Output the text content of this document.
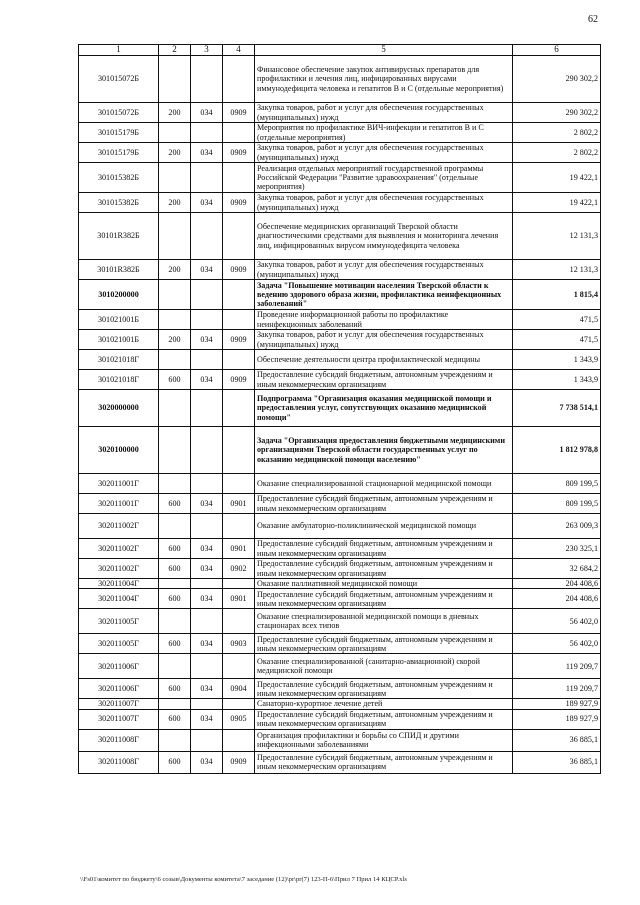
62
1	2	3	4	5	6
301015072Б				Финансовое обеспечение закупок антивирусных препаратов для профилактики и лечения лиц, инфицированных вирусами иммунодефицита человека и гепатитов В и С (отдельные мероприятия)	290 302,2
301015072Б	200	034	0909	Закупка товаров, работ и услуг для обеспечения государственных (муниципальных) нужд	290 302,2
301015179Б				Мероприятия по профилактике ВИЧ-инфекции и гепатитов В и С (отдельные мероприятия)	2 802,2
301015179Б	200	034	0909	Закупка товаров, работ и услуг для обеспечения государственных (муниципальных) нужд	2 802,2
301015382Б				Реализация отдельных мероприятий государственной программы Российской Федерации "Развитие здравоохранения" (отдельные мероприятия)	19 422,1
301015382Б	200	034	0909	Закупка товаров, работ и услуг для обеспечения государственных (муниципальных) нужд	19 422,1
30101R382Б				Обеспечение медицинских организаций Тверской области диагностическими средствами для выявления и мониторинга лечения лиц, инфицированных вирусом иммунодефицита человека	12 131,3
30101R382Б	200	034	0909	Закупка товаров, работ и услуг для обеспечения государственных (муниципальных) нужд	12 131,3
3010200000				Задача "Повышение мотивации населения Тверской области к ведению здорового образа жизни, профилактика неинфекционных заболеваний"	1 815,4
301021001Б				Проведение информационной работы по профилактике неинфекционных заболеваний	471,5
301021001Б	200	034	0909	Закупка товаров, работ и услуг для обеспечения государственных (муниципальных) нужд	471,5
301021018Г				Обеспечение деятельности центра профилактической медицины	1 343,9
301021018Г	600	034	0909	Предоставление субсидий бюджетным, автономным учреждениям и иным некоммерческим организациям	1 343,9
3020000000				Подпрограмма "Организация оказания медицинской помощи и предоставления услуг, сопутствующих оказанию медицинской помощи"	7 738 514,1
3020100000				Задача "Организация предоставления бюджетными медицинскими организациями Тверской области государственных услуг по оказанию медицинской помощи населению"	1 812 978,8
302011001Г				Оказание специализированной стационарной медицинской помощи	809 199,5
302011001Г	600	034	0901	Предоставление субсидий бюджетным, автономным учреждениям и иным некоммерческим организациям	809 199,5
302011002Г				Оказание амбулаторно-поликлинической медицинской помощи	263 009,3
302011002Г	600	034	0901	Предоставление субсидий бюджетным, автономным учреждениям и иным некоммерческим организациям	230 325,1
302011002Г	600	034	0902	Предоставление субсидий бюджетным, автономным учреждениям и иным некоммерческим организациям	32 684,2
302011004Г				Оказание паллиативной медицинской помощи	204 408,6
302011004Г	600	034	0901	Предоставление субсидий бюджетным, автономным учреждениям и иным некоммерческим организациям	204 408,6
302011005Г				Оказание специализированной медицинской помощи в дневных стационарах всех типов	56 402,0
302011005Г	600	034	0903	Предоставление субсидий бюджетным, автономным учреждениям и иным некоммерческим организациям	56 402,0
302011006Г				Оказание специализированной (санитарно-авиационной) скорой медицинской помощи	119 209,7
302011006Г	600	034	0904	Предоставление субсидий бюджетным, автономным учреждениям и иным некоммерческим организациям	119 209,7
302011007Г				Санаторно-курортное лечение детей	189 927,9
302011007Г	600	034	0905	Предоставление субсидий бюджетным, автономным учреждениям и иным некоммерческим организациям	189 927,9
302011008Г				Организация профилактики и борьбы со СПИД и другими инфекционными заболеваниями	36 885,1
302011008Г	600	034	0909	Предоставление субсидий бюджетным, автономным учреждениям и иным некоммерческим организациям	36 885,1
\\Fs01\комитет по бюджету\6 созыв\Документы комитета\7 заседание (12)\pr\pr(7) 123-П-6\Прил 7 Прил 14 КЦСР.xls
